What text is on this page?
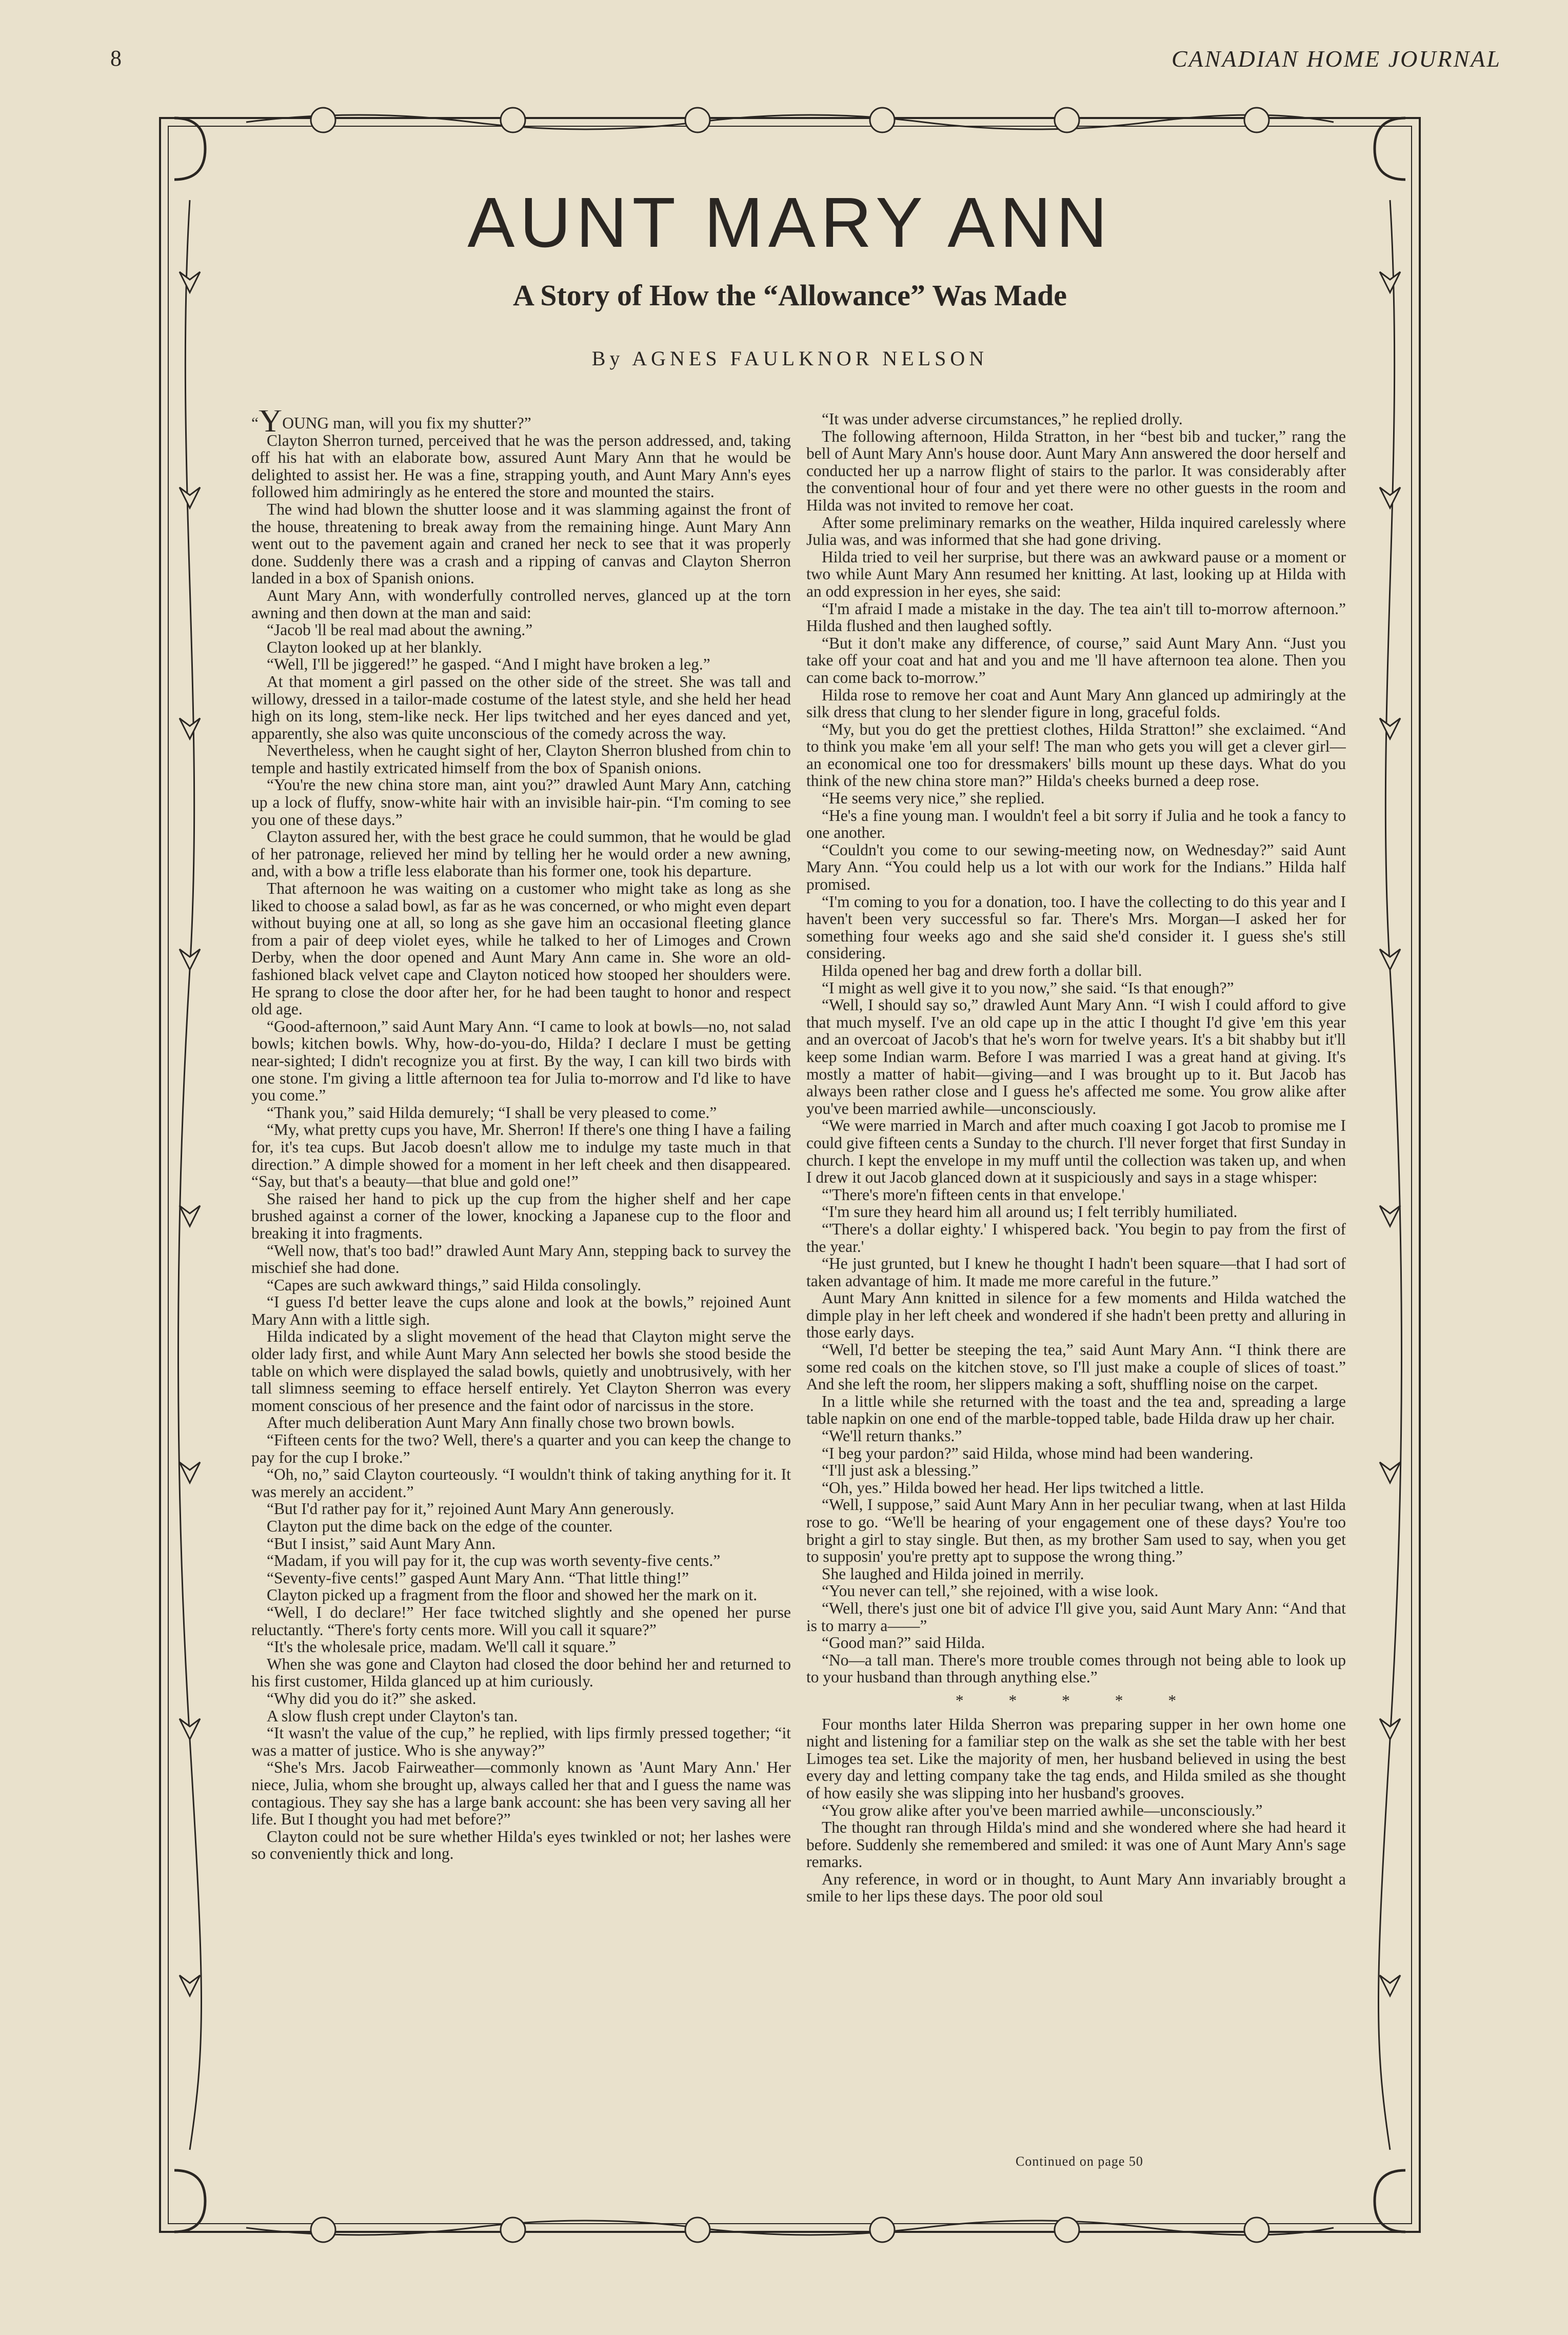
8	CANADIAN HOME JOURNAL
AUNT MARY ANN
A Story of How the “Allowance” Was Made
By AGNES FAULKNOR NELSON

“YOUNG man, will you fix my shutter?”

Clayton Sherron turned, perceived that he was the person addressed, and, taking off his hat with an elaborate bow, assured Aunt Mary Ann that he would be delighted to assist her. He was a fine, strapping youth, and Aunt Mary Ann's eyes followed him admiringly as he entered the store and mounted the stairs.

The wind had blown the shutter loose and it was slamming against the front of the house, threatening to break away from the remaining hinge. Aunt Mary Ann went out to the pavement again and craned her neck to see that it was properly done. Suddenly there was a crash and a ripping of canvas and Clayton Sherron landed in a box of Spanish onions.

Aunt Mary Ann, with wonderfully controlled nerves, glanced up at the torn awning and then down at the man and said:

“Jacob 'll be real mad about the awning.”

Clayton looked up at her blankly.

“Well, I'll be jiggered!” he gasped. “And I might have broken a leg.”

At that moment a girl passed on the other side of the street. She was tall and willowy, dressed in a tailor-made costume of the latest style, and she held her head high on its long, stem-like neck. Her lips twitched and her eyes danced and yet, apparently, she also was quite unconscious of the comedy across the way.

Nevertheless, when he caught sight of her, Clayton Sherron blushed from chin to temple and hastily extricated himself from the box of Spanish onions.

“You're the new china store man, aint you?” drawled Aunt Mary Ann, catching up a lock of fluffy, snow-white hair with an invisible hair-pin. “I'm coming to see you one of these days.”

Clayton assured her, with the best grace he could summon, that he would be glad of her patronage, relieved her mind by telling her he would order a new awning, and, with a bow a trifle less elaborate than his former one, took his departure.

That afternoon he was waiting on a customer who might take as long as she liked to choose a salad bowl, as far as he was concerned, or who might even depart without buying one at all, so long as she gave him an occasional fleeting glance from a pair of deep violet eyes, while he talked to her of Limoges and Crown Derby, when the door opened and Aunt Mary Ann came in. She wore an old-fashioned black velvet cape and Clayton noticed how stooped her shoulders were. He sprang to close the door after her, for he had been taught to honor and respect old age.

“Good-afternoon,” said Aunt Mary Ann. “I came to look at bowls—no, not salad bowls; kitchen bowls. Why, how-do-you-do, Hilda? I declare I must be getting near-sighted; I didn't recognize you at first. By the way, I can kill two birds with one stone. I'm giving a little afternoon tea for Julia to-morrow and I'd like to have you come.”

“Thank you,” said Hilda demurely; “I shall be very pleased to come.”

“My, what pretty cups you have, Mr. Sherron! If there's one thing I have a failing for, it's tea cups. But Jacob doesn't allow me to indulge my taste much in that direction.” A dimple showed for a moment in her left cheek and then disappeared. “Say, but that's a beauty—that blue and gold one!”

She raised her hand to pick up the cup from the higher shelf and her cape brushed against a corner of the lower, knocking a Japanese cup to the floor and breaking it into fragments.

“Well now, that's too bad!” drawled Aunt Mary Ann, stepping back to survey the mischief she had done.

“Capes are such awkward things,” said Hilda consolingly.

“I guess I'd better leave the cups alone and look at the bowls,” rejoined Aunt Mary Ann with a little sigh.

Hilda indicated by a slight movement of the head that Clayton might serve the older lady first, and while Aunt Mary Ann selected her bowls she stood beside the table on which were displayed the salad bowls, quietly and unobtrusively, with her tall slimness seeming to efface herself entirely. Yet Clayton Sherron was every moment conscious of her presence and the faint odor of narcissus in the store.

After much deliberation Aunt Mary Ann finally chose two brown bowls.

“Fifteen cents for the two? Well, there's a quarter and you can keep the change to pay for the cup I broke.”

“Oh, no,” said Clayton courteously. “I wouldn't think of taking anything for it. It was merely an accident.”

“But I'd rather pay for it,” rejoined Aunt Mary Ann generously.

Clayton put the dime back on the edge of the counter.

“But I insist,” said Aunt Mary Ann.

“Madam, if you will pay for it, the cup was worth seventy-five cents.”

“Seventy-five cents!” gasped Aunt Mary Ann. “That little thing!”

Clayton picked up a fragment from the floor and showed her the mark on it.

“Well, I do declare!” Her face twitched slightly and she opened her purse reluctantly. “There's forty cents more. Will you call it square?”

“It's the wholesale price, madam. We'll call it square.”

When she was gone and Clayton had closed the door behind her and returned to his first customer, Hilda glanced up at him curiously.

“Why did you do it?” she asked.

A slow flush crept under Clayton's tan.

“It wasn't the value of the cup,” he replied, with lips firmly pressed together; “it was a matter of justice. Who is she anyway?”

“She's Mrs. Jacob Fairweather—commonly known as 'Aunt Mary Ann.' Her niece, Julia, whom she brought up, always called her that and I guess the name was contagious. They say she has a large bank account: she has been very saving all her life. But I thought you had met before?”

Clayton could not be sure whether Hilda's eyes twinkled or not; her lashes were so conveniently thick and long.

“It was under adverse circumstances,” he replied drolly.

The following afternoon, Hilda Stratton, in her “best bib and tucker,” rang the bell of Aunt Mary Ann's house door. Aunt Mary Ann answered the door herself and conducted her up a narrow flight of stairs to the parlor. It was considerably after the conventional hour of four and yet there were no other guests in the room and Hilda was not invited to remove her coat.

After some preliminary remarks on the weather, Hilda inquired carelessly where Julia was, and was informed that she had gone driving.

Hilda tried to veil her surprise, but there was an awkward pause or a moment or two while Aunt Mary Ann resumed her knitting. At last, looking up at Hilda with an odd expression in her eyes, she said:

“I'm afraid I made a mistake in the day. The tea ain't till to-morrow afternoon.” Hilda flushed and then laughed softly.

“But it don't make any difference, of course,” said Aunt Mary Ann. “Just you take off your coat and hat and you and me 'll have afternoon tea alone. Then you can come back to-morrow.”

Hilda rose to remove her coat and Aunt Mary Ann glanced up admiringly at the silk dress that clung to her slender figure in long, graceful folds.

“My, but you do get the prettiest clothes, Hilda Stratton!” she exclaimed. “And to think you make 'em all your self! The man who gets you will get a clever girl—an economical one too for dressmakers' bills mount up these days. What do you think of the new china store man?” Hilda's cheeks burned a deep rose.

“He seems very nice,” she replied.

“He's a fine young man. I wouldn't feel a bit sorry if Julia and he took a fancy to one another.

“Couldn't you come to our sewing-meeting now, on Wednesday?” said Aunt Mary Ann. “You could help us a lot with our work for the Indians.” Hilda half promised.

“I'm coming to you for a donation, too. I have the collecting to do this year and I haven't been very successful so far. There's Mrs. Morgan—I asked her for something four weeks ago and she said she'd consider it. I guess she's still considering.

Hilda opened her bag and drew forth a dollar bill.

“I might as well give it to you now,” she said. “Is that enough?”

“Well, I should say so,” drawled Aunt Mary Ann. “I wish I could afford to give that much myself. I've an old cape up in the attic I thought I'd give 'em this year and an overcoat of Jacob's that he's worn for twelve years. It's a bit shabby but it'll keep some Indian warm. Before I was married I was a great hand at giving. It's mostly a matter of habit—giving—and I was brought up to it. But Jacob has always been rather close and I guess he's affected me some. You grow alike after you've been married awhile—unconsciously.

“We were married in March and after much coaxing I got Jacob to promise me I could give fifteen cents a Sunday to the church. I'll never forget that first Sunday in church. I kept the envelope in my muff until the collection was taken up, and when I drew it out Jacob glanced down at it suspiciously and says in a stage whisper:

“'There's more'n fifteen cents in that envelope.'

“I'm sure they heard him all around us; I felt terribly humiliated.

“'There's a dollar eighty.' I whispered back. 'You begin to pay from the first of the year.'

“He just grunted, but I knew he thought I hadn't been square—that I had sort of taken advantage of him. It made me more careful in the future.”

Aunt Mary Ann knitted in silence for a few moments and Hilda watched the dimple play in her left cheek and wondered if she hadn't been pretty and alluring in those early days.

“Well, I'd better be steeping the tea,” said Aunt Mary Ann. “I think there are some red coals on the kitchen stove, so I'll just make a couple of slices of toast.” And she left the room, her slippers making a soft, shuffling noise on the carpet.

In a little while she returned with the toast and the tea and, spreading a large table napkin on one end of the marble-topped table, bade Hilda draw up her chair.

“We'll return thanks.”

“I beg your pardon?” said Hilda, whose mind had been wandering.

“I'll just ask a blessing.”

“Oh, yes.” Hilda bowed her head. Her lips twitched a little.

“Well, I suppose,” said Aunt Mary Ann in her peculiar twang, when at last Hilda rose to go. “We'll be hearing of your engagement one of these days? You're too bright a girl to stay single. But then, as my brother Sam used to say, when you get to supposin' you're pretty apt to suppose the wrong thing.”

She laughed and Hilda joined in merrily.

“You never can tell,” she rejoined, with a wise look.

“Well, there's just one bit of advice I'll give you, said Aunt Mary Ann: “And that is to marry a——”

“Good man?” said Hilda.

“No—a tall man. There's more trouble comes through not being able to look up to your husband than through anything else.”

* * * * *

Four months later Hilda Sherron was preparing supper in her own home one night and listening for a familiar step on the walk as she set the table with her best Limoges tea set. Like the majority of men, her husband believed in using the best every day and letting company take the tag ends, and Hilda smiled as she thought of how easily she was slipping into her husband's grooves.

“You grow alike after you've been married awhile—unconsciously.”

The thought ran through Hilda's mind and she wondered where she had heard it before. Suddenly she remembered and smiled: it was one of Aunt Mary Ann's sage remarks.

Any reference, in word or in thought, to Aunt Mary Ann invariably brought a smile to her lips these days. The poor old soul

Continued on page 50
